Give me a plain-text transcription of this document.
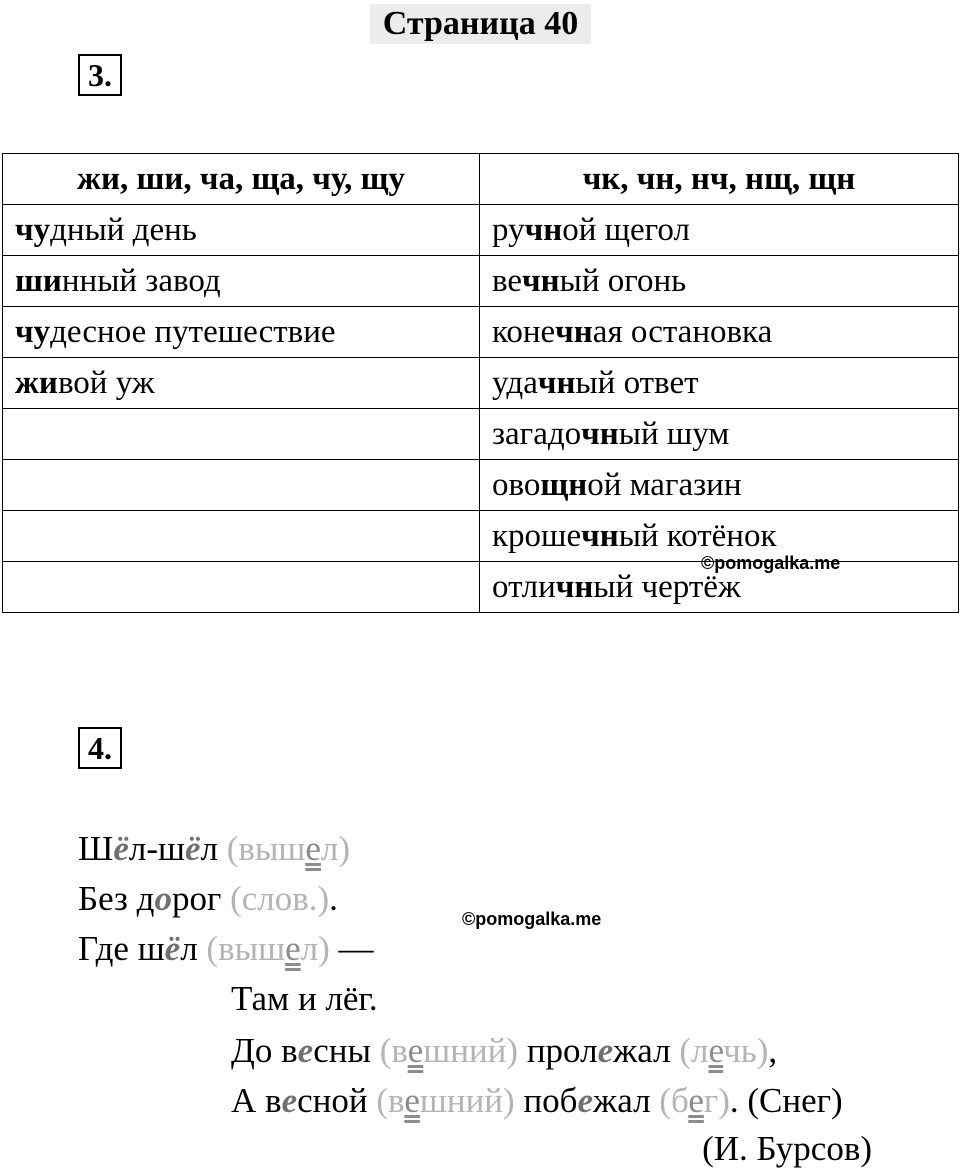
Страница 40
3.
жи, ши, ча, ща, чу, щу	чк, чн, нч, нщ, щн
чудный день	ручной щегол
шинный завод	вечный огонь
чудесное путешествие	конечная остановка
живой уж	удачный ответ
	загадочный шум
	овощной магазин
	крошечный котёнок
	отличный чертёж
©pomogalka.me
4.
©pomogalka.me
Шёл-шёл (вышел)
Без дорог (слов.).
Где шёл (вышел) —
Там и лёг.
До весны (вешний) пролежал (лечь),
А весной (вешний) побежал (бег). (Снег)
(И. Бурсов)
